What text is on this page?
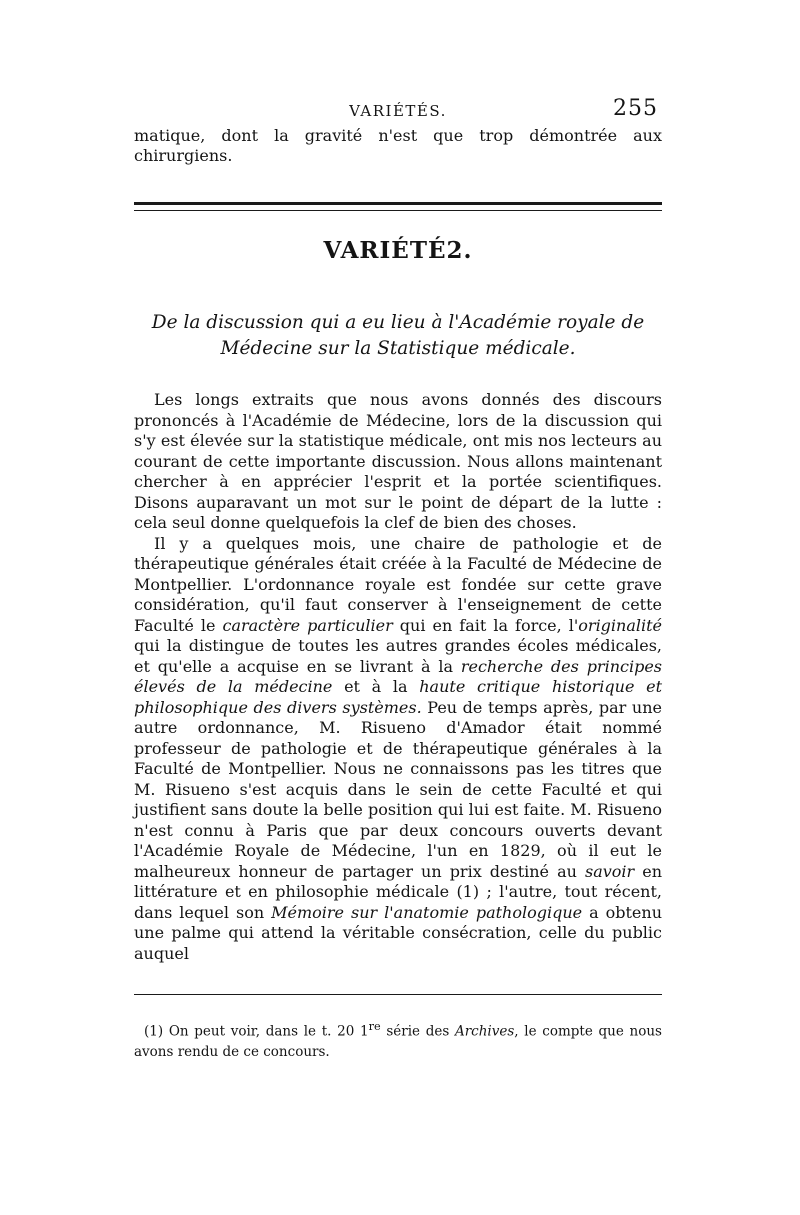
VARIÉTÉS.	255

matique, dont la gravité n'est que trop démontrée aux chirurgiens.

VARIÉTÉ2.

De la discussion qui a eu lieu à l'Académie royale de Médecine sur la Statistique médicale.

Les longs extraits que nous avons donnés des discours prononcés à l'Académie de Médecine, lors de la discussion qui s'y est élevée sur la statistique médicale, ont mis nos lecteurs au courant de cette importante discussion. Nous allons maintenant chercher à en apprécier l'esprit et la portée scientifiques. Disons auparavant un mot sur le point de départ de la lutte : cela seul donne quelquefois la clef de bien des choses.

Il y a quelques mois, une chaire de pathologie et de thérapeutique générales était créée à la Faculté de Médecine de Montpellier. L'ordonnance royale est fondée sur cette grave considération, qu'il faut conserver à l'enseignement de cette Faculté le caractère particulier qui en fait la force, l'originalité qui la distingue de toutes les autres grandes écoles médicales, et qu'elle a acquise en se livrant à la recherche des principes élevés de la médecine et à la haute critique historique et philosophique des divers systèmes. Peu de temps après, par une autre ordonnance, M. Risueno d'Amador était nommé professeur de pathologie et de thérapeutique générales à la Faculté de Montpellier. Nous ne connaissons pas les titres que M. Risueno s'est acquis dans le sein de cette Faculté et qui justifient sans doute la belle position qui lui est faite. M. Risueno n'est connu à Paris que par deux concours ouverts devant l'Académie Royale de Médecine, l'un en 1829, où il eut le malheureux honneur de partager un prix destiné au savoir en littérature et en philosophie médicale (1) ; l'autre, tout récent, dans lequel son Mémoire sur l'anatomie pathologique a obtenu une palme qui attend la véritable consécration, celle du public auquel

(1) On peut voir, dans le t. 20 1re série des Archives, le compte que nous avons rendu de ce concours.
